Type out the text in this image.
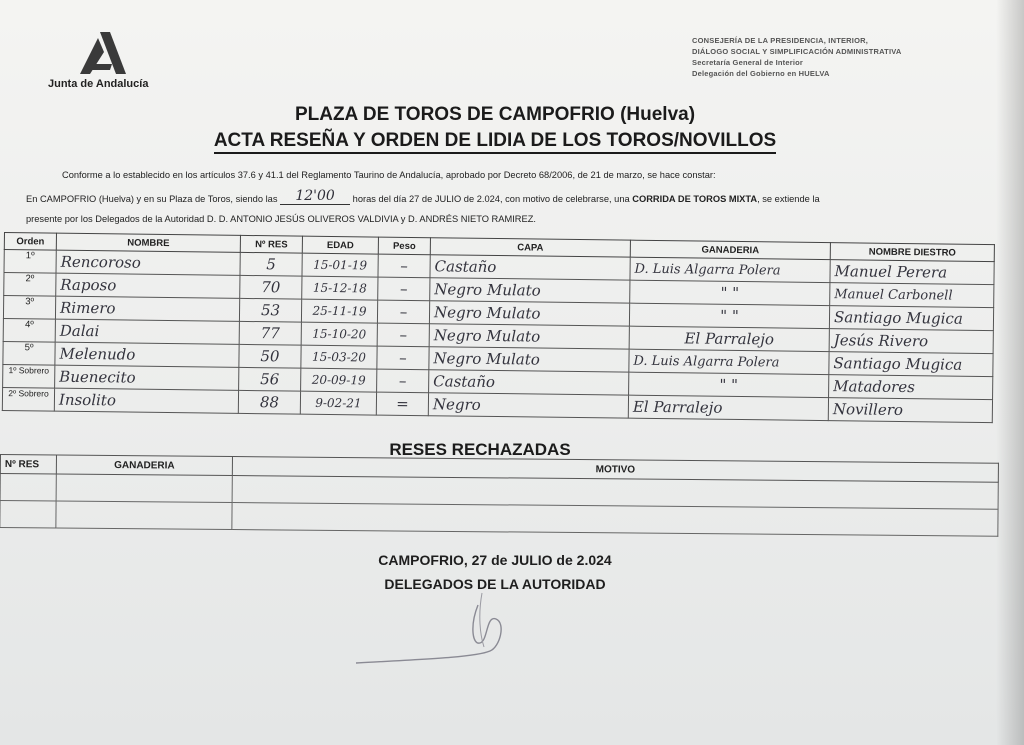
Junta de Andalucía
CONSEJERÍA DE LA PRESIDENCIA, INTERIOR,
DIÁLOGO SOCIAL Y SIMPLIFICACIÓN ADMINISTRATIVA
Secretaría General de Interior
Delegación del Gobierno en HUELVA
PLAZA DE TOROS DE CAMPOFRIO (Huelva)
ACTA RESEÑA Y ORDEN DE LIDIA DE LOS TOROS/NOVILLOS
Conforme a lo establecido en los artículos 37.6 y 41.1 del Reglamento Taurino de Andalucía, aprobado por Decreto 68/2006, de 21 de marzo, se hace constar:
En CAMPOFRIO (Huelva) y en su Plaza de Toros, siendo las 12'00 horas del día 27 de JULIO de 2.024, con motivo de celebrarse, una CORRIDA DE TOROS MIXTA, se extiende la
presente por los Delegados de la Autoridad D. D. ANTONIO JESÚS OLIVEROS VALDIVIA y D. ANDRÉS NIETO RAMIREZ.
Orden	NOMBRE	Nº RES	EDAD	Peso	CAPA	GANADERIA	NOMBRE DIESTRO
1º	Rencoroso	5	15-01-19	–	Castaño	D. Luis Algarra Polera	Manuel Perera
2º	Raposo	70	15-12-18	–	Negro Mulato	" "	Manuel Carbonell
3º	Rimero	53	25-11-19	–	Negro Mulato	" "	Santiago Mugica
4º	Dalai	77	15-10-20	–	Negro Mulato	El Parralejo	Jesús Rivero
5º	Melenudo	50	15-03-20	–	Negro Mulato	D. Luis Algarra Polera	Santiago Mugica
1º Sobrero	Buenecito	56	20-09-19	–	Castaño	" "	Matadores
2º Sobrero	Insolito	88	9-02-21	=	Negro	El Parralejo	Novillero
RESES RECHAZADAS
Nº RES	GANADERIA	MOTIVO

CAMPOFRIO, 27 de JULIO de 2.024
DELEGADOS DE LA AUTORIDAD
